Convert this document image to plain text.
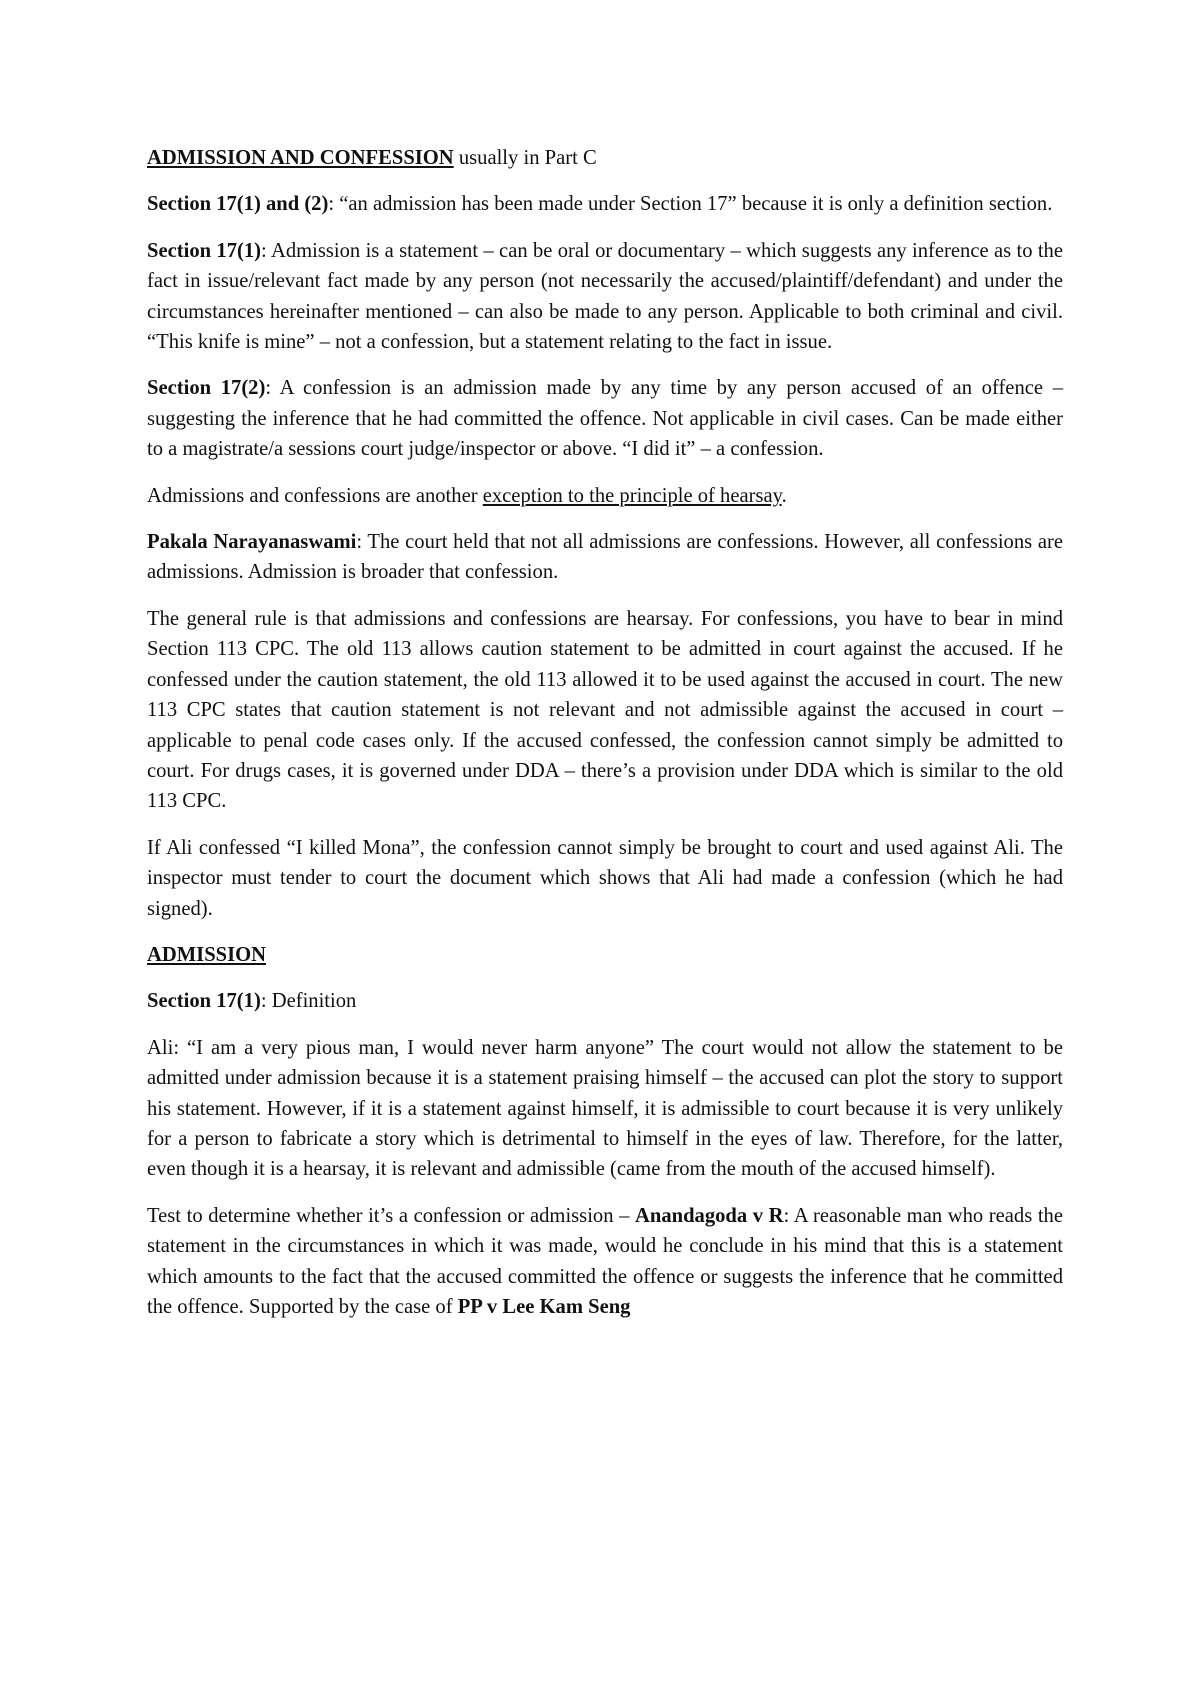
ADMISSION AND CONFESSION usually in Part C

Section 17(1) and (2): “an admission has been made under Section 17” because it is only a definition section.

Section 17(1): Admission is a statement – can be oral or documentary – which suggests any inference as to the fact in issue/relevant fact made by any person (not necessarily the accused/plaintiff/defendant) and under the circumstances hereinafter mentioned – can also be made to any person. Applicable to both criminal and civil. “This knife is mine” – not a confession, but a statement relating to the fact in issue.

Section 17(2): A confession is an admission made by any time by any person accused of an offence – suggesting the inference that he had committed the offence. Not applicable in civil cases. Can be made either to a magistrate/a sessions court judge/inspector or above. “I did it” – a confession.

Admissions and confessions are another exception to the principle of hearsay.

Pakala Narayanaswami: The court held that not all admissions are confessions. However, all confessions are admissions. Admission is broader that confession.

The general rule is that admissions and confessions are hearsay. For confessions, you have to bear in mind Section 113 CPC. The old 113 allows caution statement to be admitted in court against the accused. If he confessed under the caution statement, the old 113 allowed it to be used against the accused in court. The new 113 CPC states that caution statement is not relevant and not admissible against the accused in court – applicable to penal code cases only. If the accused confessed, the confession cannot simply be admitted to court. For drugs cases, it is governed under DDA – there’s a provision under DDA which is similar to the old 113 CPC.

If Ali confessed “I killed Mona”, the confession cannot simply be brought to court and used against Ali. The inspector must tender to court the document which shows that Ali had made a confession (which he had signed).

ADMISSION

Section 17(1): Definition

Ali: “I am a very pious man, I would never harm anyone” The court would not allow the statement to be admitted under admission because it is a statement praising himself – the accused can plot the story to support his statement. However, if it is a statement against himself, it is admissible to court because it is very unlikely for a person to fabricate a story which is detrimental to himself in the eyes of law. Therefore, for the latter, even though it is a hearsay, it is relevant and admissible (came from the mouth of the accused himself).

Test to determine whether it’s a confession or admission – Anandagoda v R: A reasonable man who reads the statement in the circumstances in which it was made, would he conclude in his mind that this is a statement which amounts to the fact that the accused committed the offence or suggests the inference that he committed the offence. Supported by the case of PP v Lee Kam Seng
